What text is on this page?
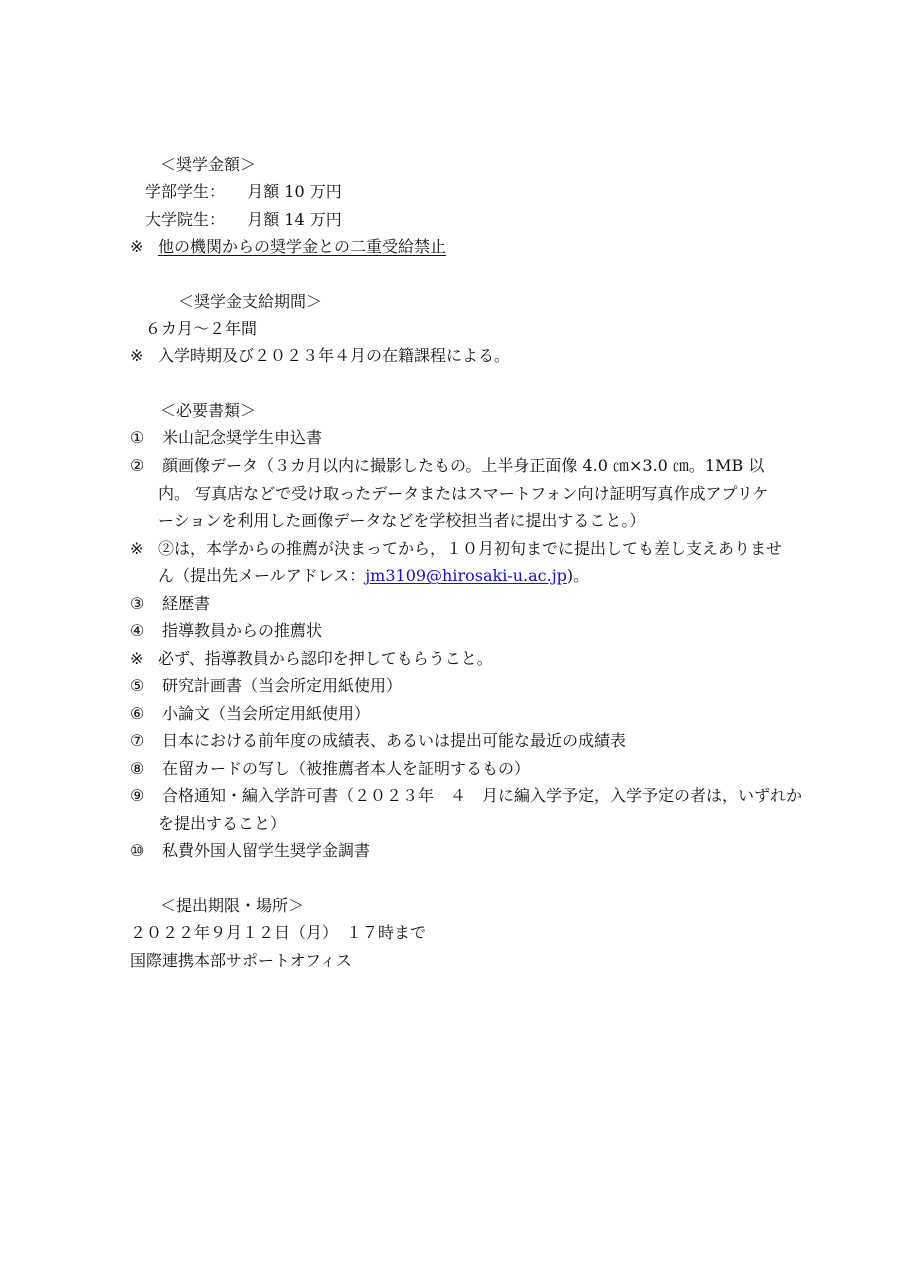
＜奨学金額＞
学部学生： 月額 10 万円
大学院生： 月額 14 万円
※ 他の機関からの奨学金との二重受給禁止
＜奨学金支給期間＞
６カ月～２年間
※ 入学時期及び２０２３年４月の在籍課程による。
＜必要書類＞
① 米山記念奨学生申込書
② 顔画像データ（３カ月以内に撮影したもの。上半身正面像 4.0 ㎝×3.0 ㎝。1MB 以
内。 写真店などで受け取ったデータまたはスマートフォン向け証明写真作成アプリケ
ーションを利用した画像データなどを学校担当者に提出すること。）
※ ②は，本学からの推薦が決まってから，１０月初旬までに提出しても差し支えありませ
ん（提出先メールアドレス：jm3109@hirosaki-u.ac.jp)。
③ 経歴書
④ 指導教員からの推薦状
※ 必ず、指導教員から認印を押してもらうこと。
⑤ 研究計画書（当会所定用紙使用）
⑥ 小論文（当会所定用紙使用）
⑦ 日本における前年度の成績表、あるいは提出可能な最近の成績表
⑧ 在留カードの写し（被推薦者本人を証明するもの）
⑨ 合格通知・編入学許可書（２０２３年　４　月に編入学予定，入学予定の者は，いずれか
を提出すること）
⑩ 私費外国人留学生奨学金調書
＜提出期限・場所＞
２０２２年９月１２日（月）　１７時まで
国際連携本部サポートオフィス
